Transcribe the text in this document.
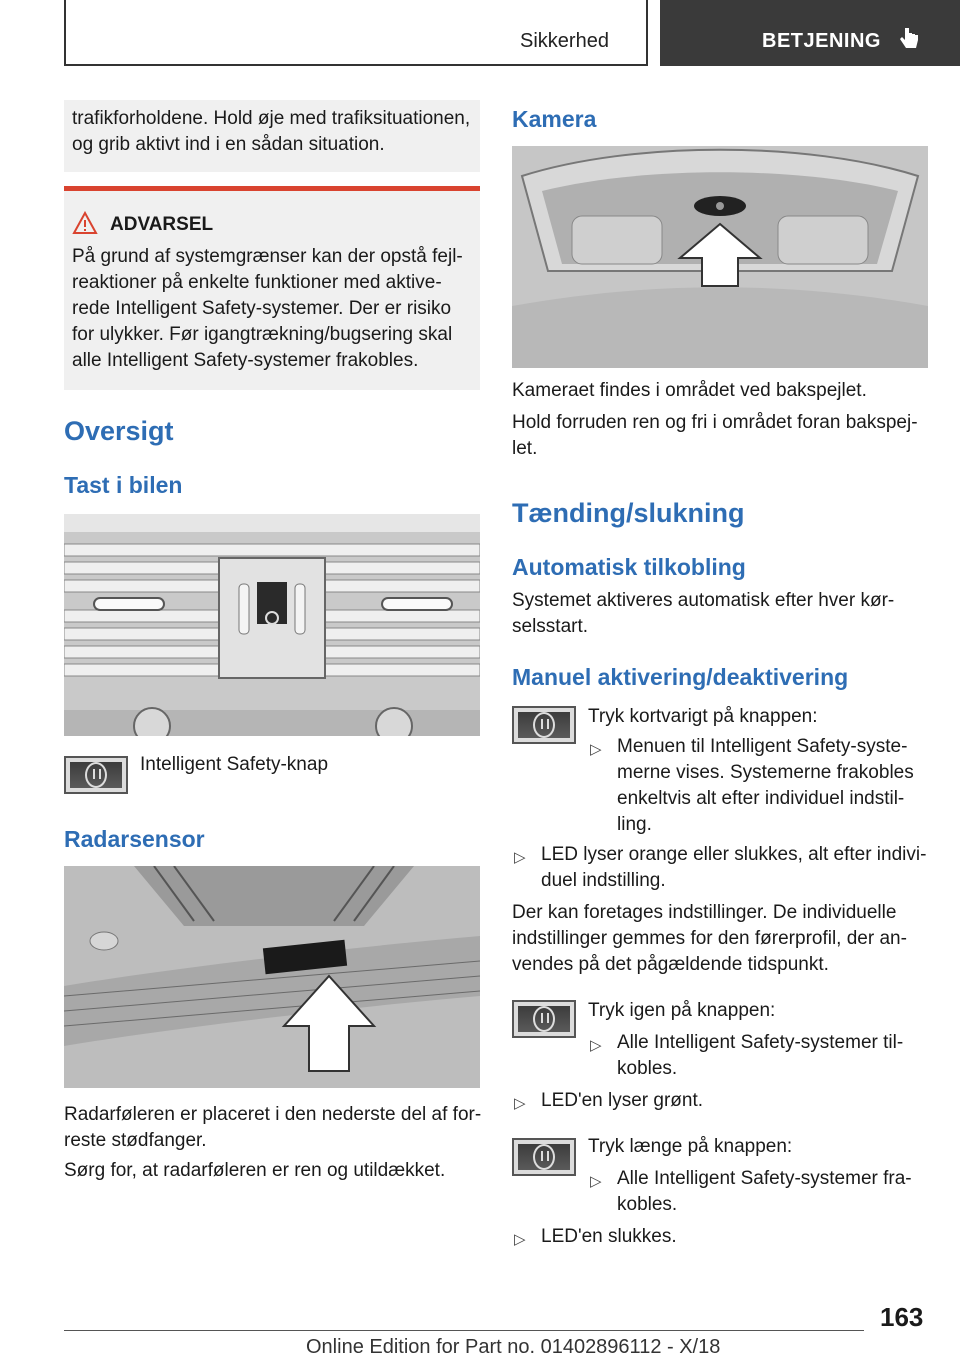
Sikkerhed	BETJENING
trafikforholdene. Hold øje med trafiksituationen,
og grib aktivt ind i en sådan situation.
ADVARSEL
På grund af systemgrænser kan der opstå fejl‐
reaktioner på enkelte funktioner med aktive‐
rede Intelligent Safety-systemer. Der er risiko
for ulykker. Før igangtrækning/bugsering skal
alle Intelligent Safety-systemer frakobles.
Oversigt
Tast i bilen
Intelligent Safety-knap
Radarsensor
Radarføleren er placeret i den nederste del af for‐
reste stødfanger.
Sørg for, at radarføleren er ren og utildækket.
Kamera
Kameraet findes i området ved bakspejlet.
Hold forruden ren og fri i området foran bakspej‐
let.
Tænding/slukning
Automatisk tilkobling
Systemet aktiveres automatisk efter hver kør‐
selsstart.
Manuel aktivering/deaktivering
Tryk kortvarigt på knappen:
▷ Menuen til Intelligent Safety-syste‐
merne vises. Systemerne frakobles
enkeltvis alt efter individuel indstil‐
ling.
▷ LED lyser orange eller slukkes, alt efter indivi‐
duel indstilling.
Der kan foretages indstillinger. De individuelle
indstillinger gemmes for den førerprofil, der an‐
vendes på det pågældende tidspunkt.
Tryk igen på knappen:
▷ Alle Intelligent Safety-systemer til‐
kobles.
▷ LED'en lyser grønt.
Tryk længe på knappen:
▷ Alle Intelligent Safety-systemer fra‐
kobles.
▷ LED'en slukkes.
163
Online Edition for Part no. 01402896112 - X/18
